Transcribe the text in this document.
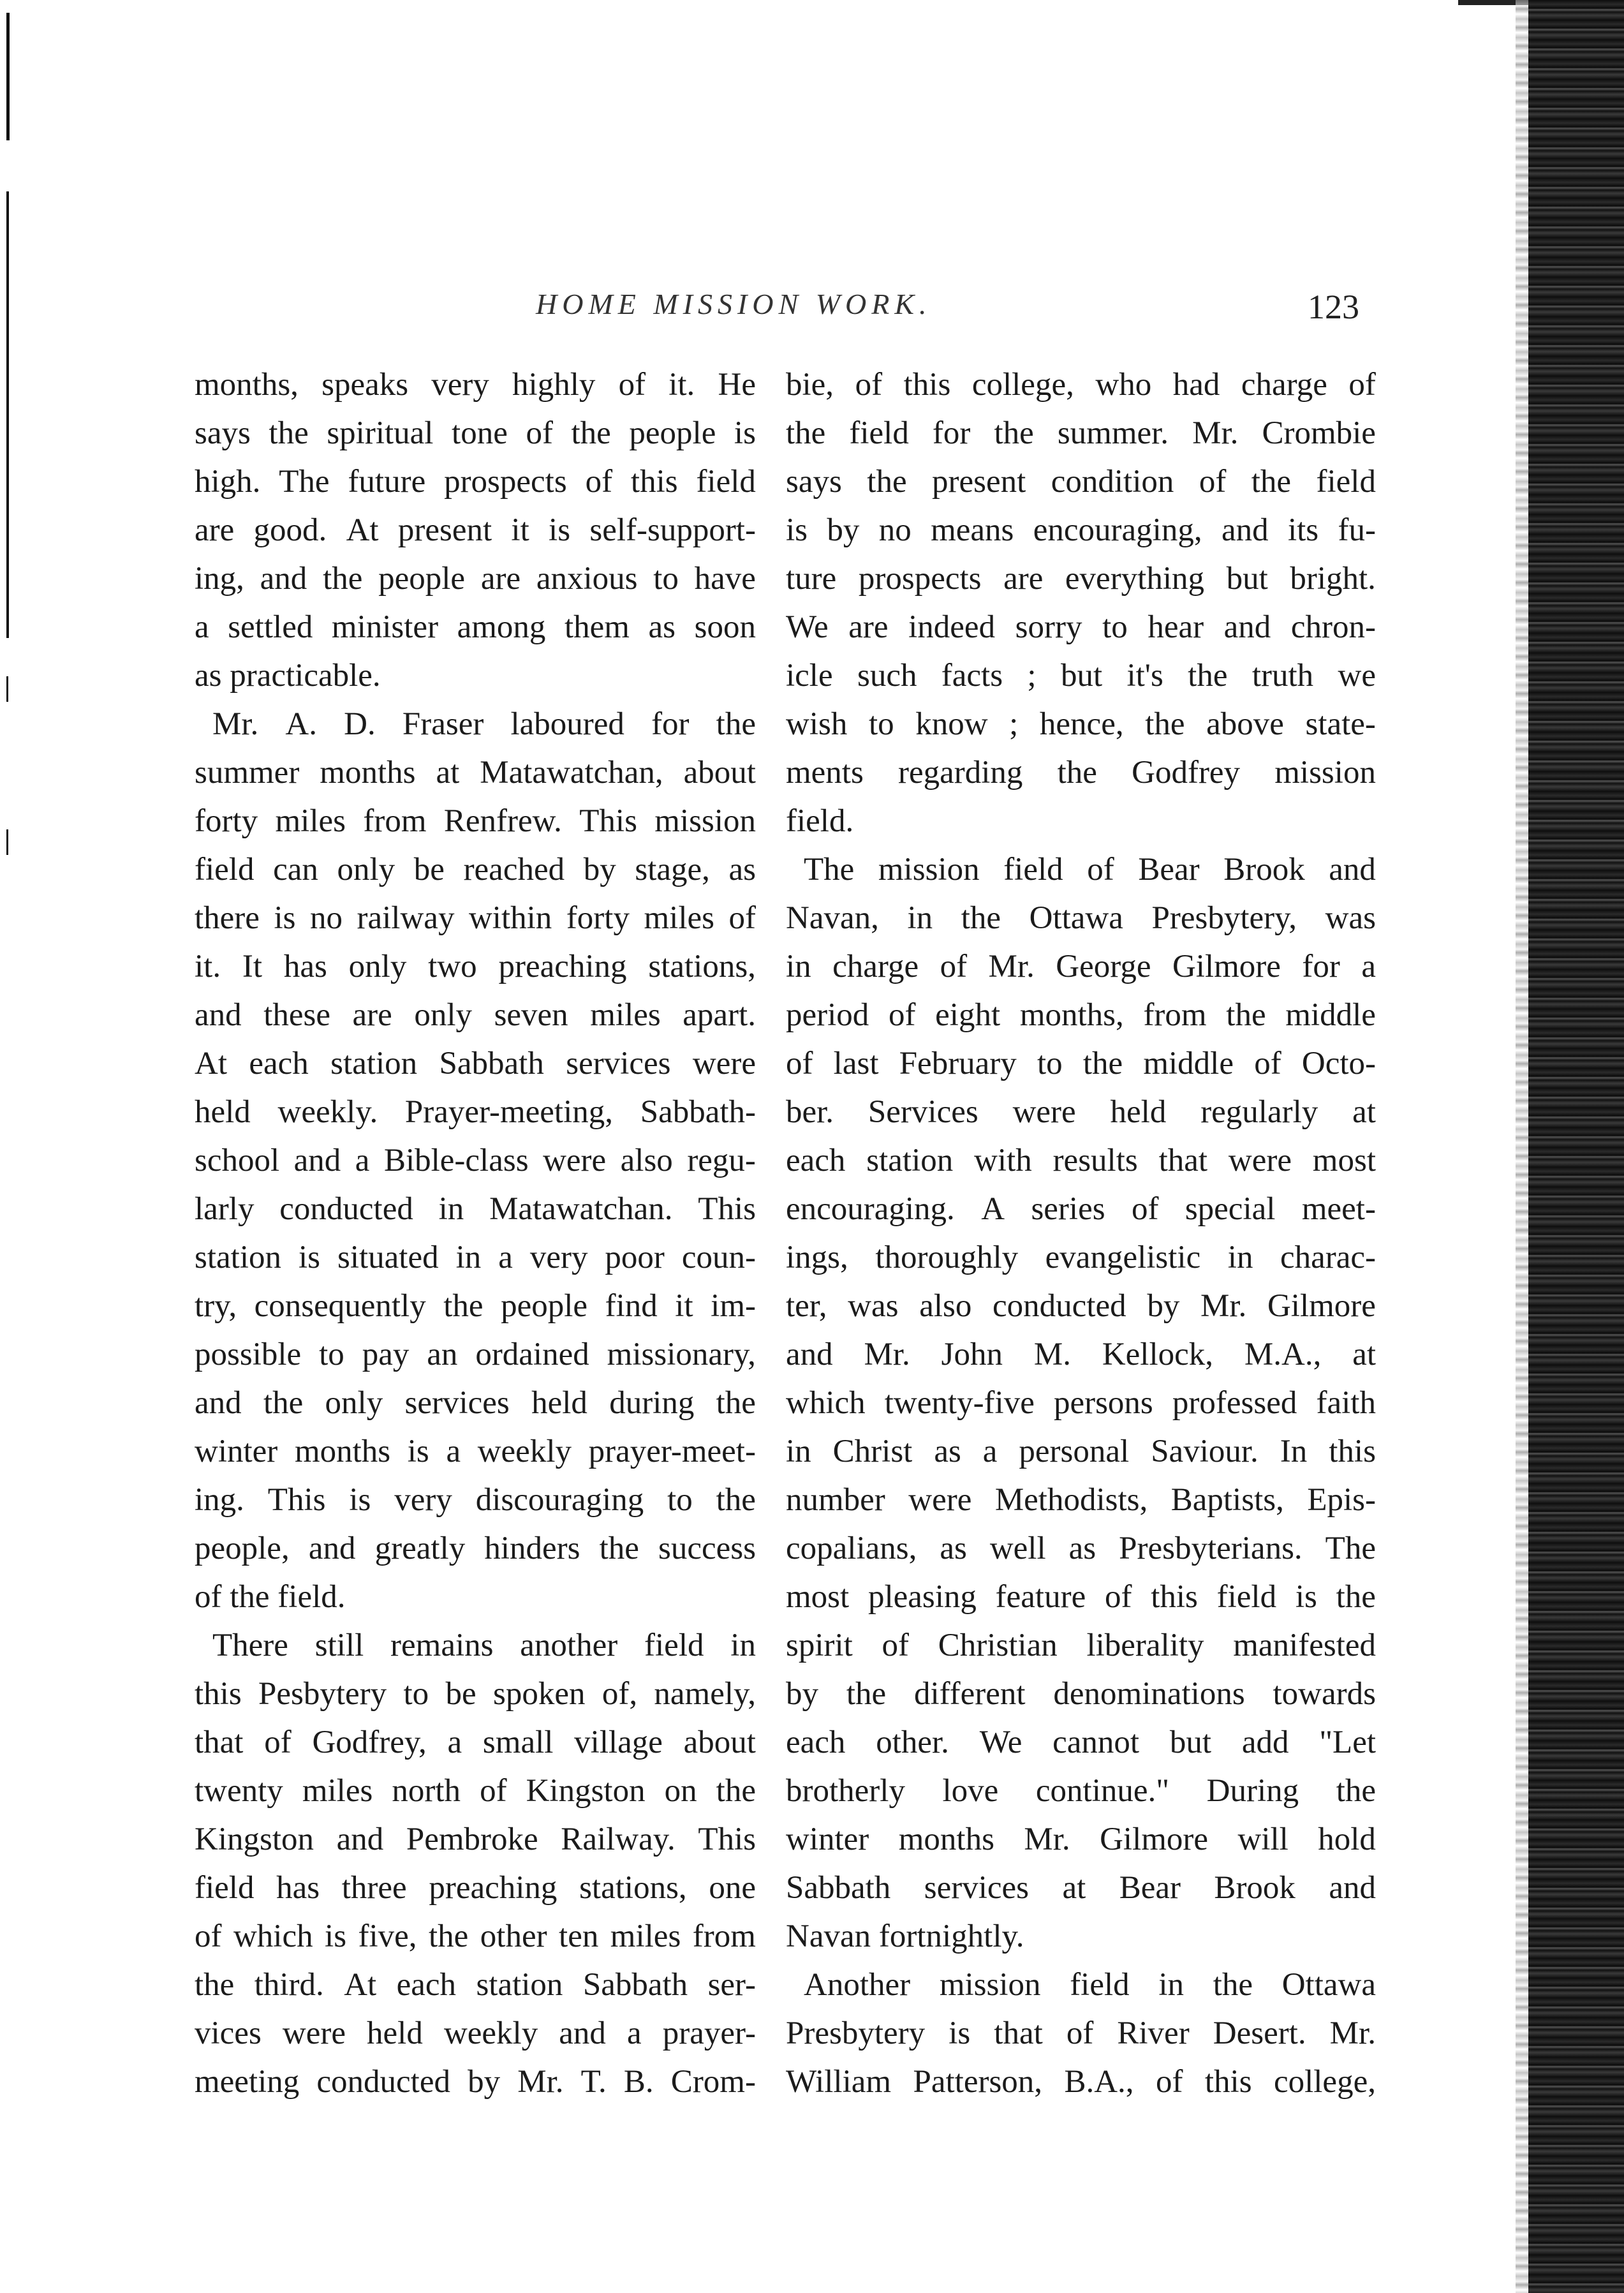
HOME MISSION WORK.	123
months, speaks very highly of it. He
says the spiritual tone of the people is
high. The future prospects of this field
are good. At present it is self-support-
ing, and the people are anxious to have
a settled minister among them as soon
as practicable.
Mr. A. D. Fraser laboured for the
summer months at Matawatchan, about
forty miles from Renfrew. This mission
field can only be reached by stage, as
there is no railway within forty miles of
it. It has only two preaching stations,
and these are only seven miles apart.
At each station Sabbath services were
held weekly. Prayer-meeting, Sabbath-
school and a Bible-class were also regu-
larly conducted in Matawatchan. This
station is situated in a very poor coun-
try, consequently the people find it im-
possible to pay an ordained missionary,
and the only services held during the
winter months is a weekly prayer-meet-
ing. This is very discouraging to the
people, and greatly hinders the success
of the field.
There still remains another field in
this Pesbytery to be spoken of, namely,
that of Godfrey, a small village about
twenty miles north of Kingston on the
Kingston and Pembroke Railway. This
field has three preaching stations, one
of which is five, the other ten miles from
the third. At each station Sabbath ser-
vices were held weekly and a prayer-
meeting conducted by Mr. T. B. Crom-
bie, of this college, who had charge of
the field for the summer. Mr. Crombie
says the present condition of the field
is by no means encouraging, and its fu-
ture prospects are everything but bright.
We are indeed sorry to hear and chron-
icle such facts ; but it's the truth we
wish to know ; hence, the above state-
ments regarding the Godfrey mission
field.
The mission field of Bear Brook and
Navan, in the Ottawa Presbytery, was
in charge of Mr. George Gilmore for a
period of eight months, from the middle
of last February to the middle of Octo-
ber. Services were held regularly at
each station with results that were most
encouraging. A series of special meet-
ings, thoroughly evangelistic in charac-
ter, was also conducted by Mr. Gilmore
and Mr. John M. Kellock, M.A., at
which twenty-five persons professed faith
in Christ as a personal Saviour. In this
number were Methodists, Baptists, Epis-
copalians, as well as Presbyterians. The
most pleasing feature of this field is the
spirit of Christian liberality manifested
by the different denominations towards
each other. We cannot but add "Let
brotherly love continue." During the
winter months Mr. Gilmore will hold
Sabbath services at Bear Brook and
Navan fortnightly.
Another mission field in the Ottawa
Presbytery is that of River Desert. Mr.
William Patterson, B.A., of this college,
